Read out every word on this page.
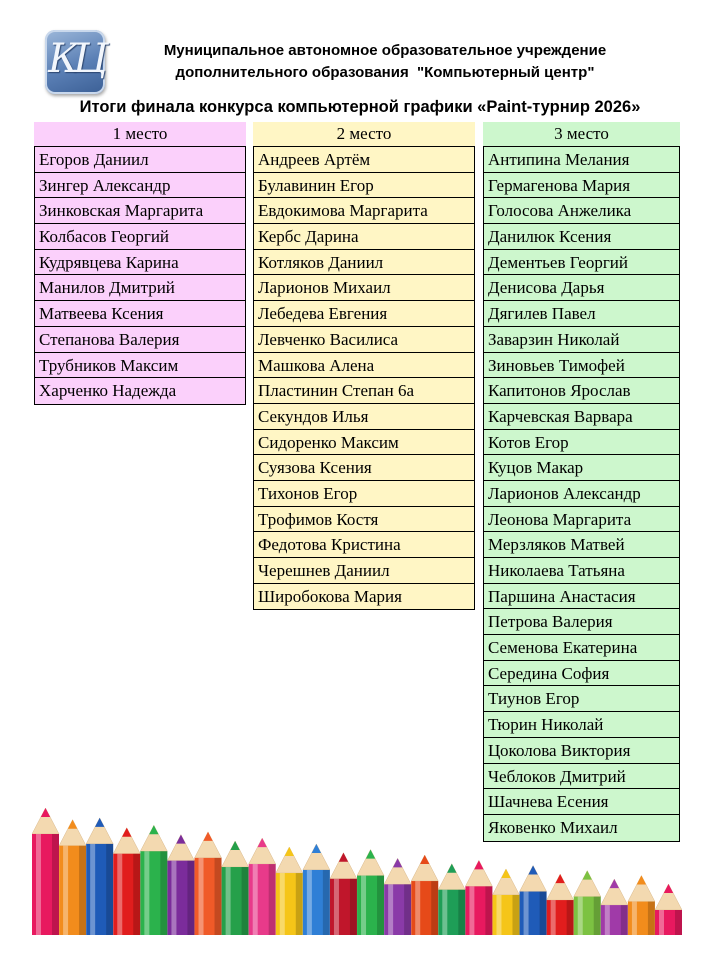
КЦ	Муниципальное автономное образовательное учреждение
дополнительного образования  "Компьютерный центр"
Итоги финала конкурса компьютерной графики «Paint-турнир 2026»
1 место
Егоров Даниил
Зингер Александр
Зинковская Маргарита
Колбасов Георгий
Кудрявцева Карина
Манилов Дмитрий
Матвеева Ксения
Степанова Валерия
Трубников Максим
Харченко Надежда
2 место
Андреев Артём
Булавинин Егор
Евдокимова Маргарита
Кербс Дарина
Котляков Даниил
Ларионов Михаил
Лебедева Евгения
Левченко Василиса
Машкова Алена
Пластинин Степан 6а
Секундов Илья
Сидоренко Максим
Суязова Ксения
Тихонов Егор
Трофимов Костя
Федотова Кристина
Черешнев Даниил
Широбокова Мария
3 место
Антипина Мелания
Гермагенова Мария
Голосова Анжелика
Данилюк Ксения
Дементьев Георгий
Денисова Дарья
Дягилев Павел
Заварзин Николай
Зиновьев Тимофей
Капитонов Ярослав
Карчевская Варвара
Котов Егор
Куцов Макар
Ларионов Александр
Леонова Маргарита
Мерзляков Матвей
Николаева Татьяна
Паршина Анастасия
Петрова Валерия
Семенова Екатерина
Середина София
Тиунов Егор
Тюрин Николай
Цоколова Виктория
Чеблоков Дмитрий
Шачнева Есения
Яковенко Михаил
